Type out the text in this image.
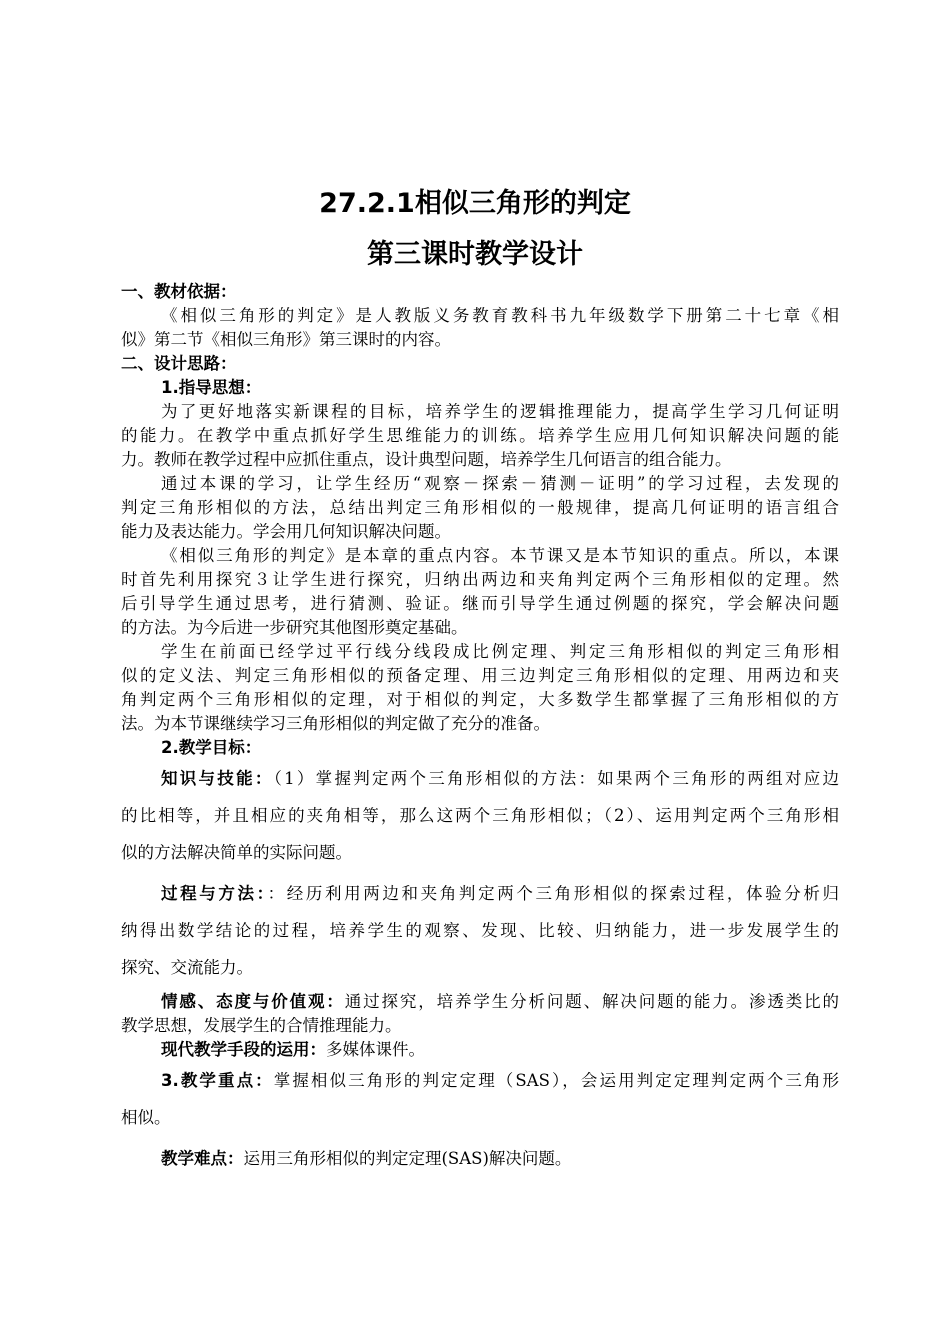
27.2.1相似三角形的判定
第三课时教学设计
一、教材依据：
《相似三角形的判定》是人教版义务教育教科书九年级数学下册第二十七章《相
似》第二节《相似三角形》第三课时的内容。
二、设计思路：
1.指导思想：
为了更好地落实新课程的目标，培养学生的逻辑推理能力，提高学生学习几何证明
的能力。在教学中重点抓好学生思维能力的训练。培养学生应用几何知识解决问题的能
力。教师在教学过程中应抓住重点，设计典型问题，培养学生几何语言的组合能力。
通过本课的学习，让学生经历“观察－探索－猜测－证明”的学习过程，去发现的
判定三角形相似的方法，总结出判定三角形相似的一般规律，提高几何证明的语言组合
能力及表达能力。学会用几何知识解决问题。
《相似三角形的判定》是本章的重点内容。本节课又是本节知识的重点。所以，本课
时首先利用探究３让学生进行探究，归纳出两边和夹角判定两个三角形相似的定理。然
后引导学生通过思考，进行猜测、验证。继而引导学生通过例题的探究，学会解决问题
的方法。为今后进一步研究其他图形奠定基础。
学生在前面已经学过平行线分线段成比例定理、判定三角形相似的判定三角形相
似的定义法、判定三角形相似的预备定理、用三边判定三角形相似的定理、用两边和夹
角判定两个三角形相似的定理，对于相似的判定，大多数学生都掌握了三角形相似的方
法。为本节课继续学习三角形相似的判定做了充分的准备。
2.教学目标：
知识与技能：（1）掌握判定两个三角形相似的方法：如果两个三角形的两组对应边
的比相等，并且相应的夹角相等，那么这两个三角形相似；（2）、运用判定两个三角形相
似的方法解决简单的实际问题。
过程与方法：：经历利用两边和夹角判定两个三角形相似的探索过程，体验分析归
纳得出数学结论的过程，培养学生的观察、发现、比较、归纳能力，进一步发展学生的
探究、交流能力。
情感、态度与价值观：通过探究，培养学生分析问题、解决问题的能力。渗透类比的
教学思想，发展学生的合情推理能力。
现代教学手段的运用：多媒体课件。
3.教学重点：掌握相似三角形的判定定理（SAS），会运用判定定理判定两个三角形
相似。
教学难点：运用三角形相似的判定定理(SAS)解决问题。
